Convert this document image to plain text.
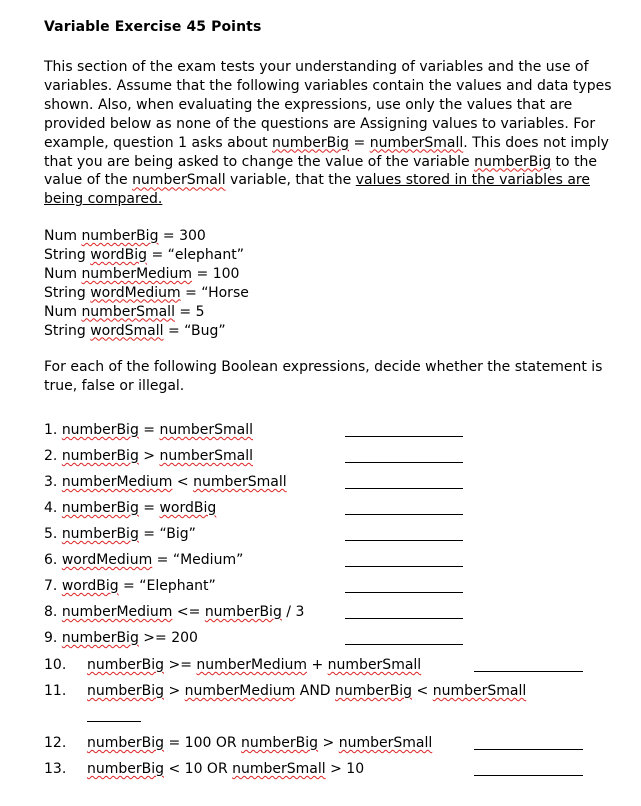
Variable Exercise 45 Points
This section of the exam tests your understanding of variables and the use of variables. Assume that the following variables contain the values and data types shown. Also, when evaluating the expressions, use only the values that are provided below as none of the questions are Assigning values to variables. For example, question 1 asks about numberBig = numberSmall. This does not imply that you are being asked to change the value of the variable numberBig to the value of the numberSmall variable, that the values stored in the variables are being compared.
Num numberBig = 300
String wordBig = “elephant”
Num numberMedium = 100
String wordMedium = “Horse
Num numberSmall = 5
String wordSmall = “Bug”
For each of the following Boolean expressions, decide whether the statement is true, false or illegal.
1. numberBig = numberSmall
2. numberBig > numberSmall
3. numberMedium < numberSmall
4. numberBig = wordBig
5. numberBig = “Big”
6. wordMedium = “Medium”
7. wordBig = “Elephant”
8. numberMedium <= numberBig / 3
9. numberBig >= 200
10. numberBig >= numberMedium + numberSmall
11. numberBig > numberMedium AND numberBig < numberSmall
12. numberBig = 100 OR numberBig > numberSmall
13. numberBig < 10 OR numberSmall > 10
